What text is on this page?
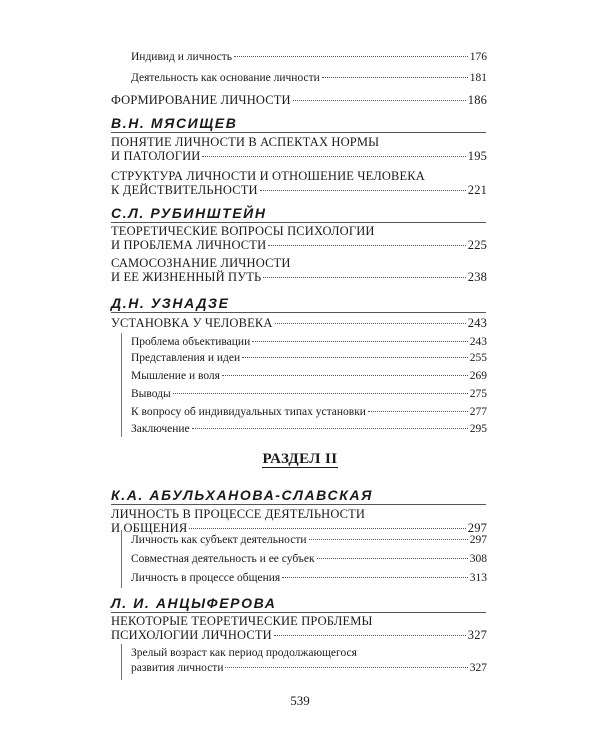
Индивид и личность	176
Деятельность как основание личности	181
ФОРМИРОВАНИЕ ЛИЧНОСТИ	186
В.Н. МЯСИЩЕВ
ПОНЯТИЕ ЛИЧНОСТИ В АСПЕКТАХ НОРМЫ
И ПАТОЛОГИИ	195
СТРУКТУРА ЛИЧНОСТИ И ОТНОШЕНИЕ ЧЕЛОВЕКА
К ДЕЙСТВИТЕЛЬНОСТИ	221
С.Л. РУБИНШТЕЙН
ТЕОРЕТИЧЕСКИЕ ВОПРОСЫ ПСИХОЛОГИИ
И ПРОБЛЕМА ЛИЧНОСТИ	225
САМОСОЗНАНИЕ ЛИЧНОСТИ
И ЕЕ ЖИЗНЕННЫЙ ПУТЬ	238
Д.Н. УЗНАДЗЕ
УСТАНОВКА У ЧЕЛОВЕКА	243
Проблема объективации	243
Представления и идеи	255
Мышление и воля	269
Выводы	275
К вопросу об индивидуальных типах установки	277
Заключение	295
РАЗДЕЛ II
К.А. АБУЛЬХАНОВА-СЛАВСКАЯ
ЛИЧНОСТЬ В ПРОЦЕССЕ ДЕЯТЕЛЬНОСТИ
И ОБЩЕНИЯ	297
Личность как субъект деятельности	297
Совместная деятельность и ее субъек	308
Личность в процессе общения	313
Л. И. АНЦЫФЕРОВА
НЕКОТОРЫЕ ТЕОРЕТИЧЕСКИЕ ПРОБЛЕМЫ
ПСИХОЛОГИИ ЛИЧНОСТИ	327
Зрелый возраст как период продолжающегося
развития личности	327
539
